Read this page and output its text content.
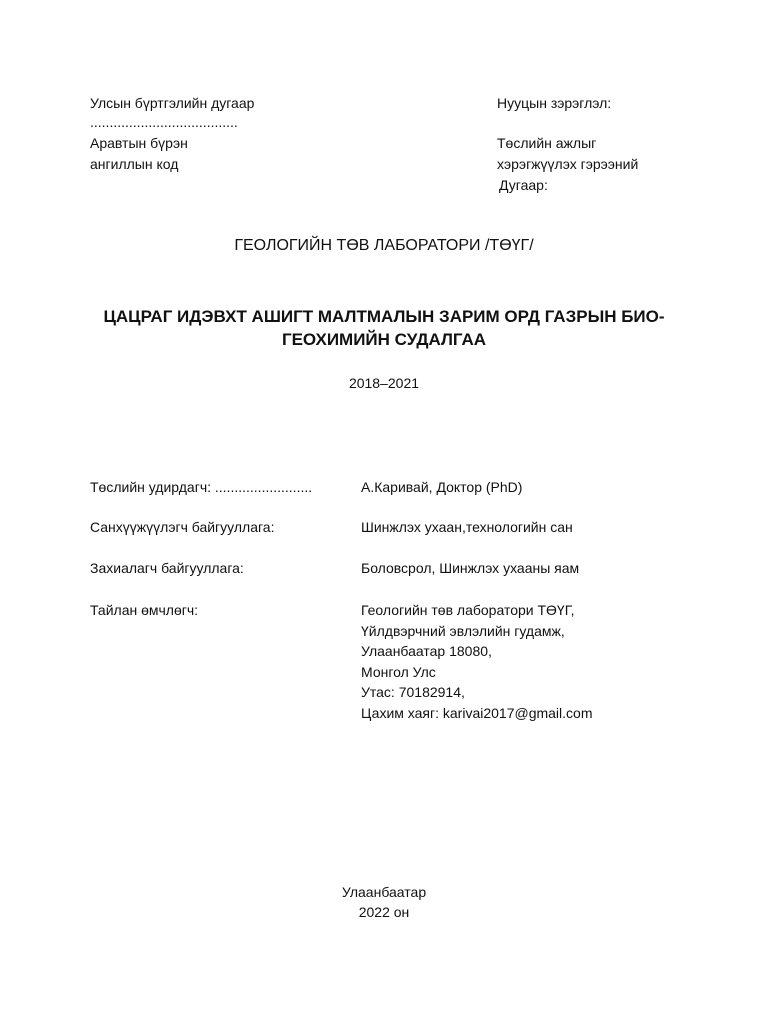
Улсын бүртгэлийн дугаар
......................................
Аравтын бүрэн
ангиллын код
Нууцын зэрэглэл:
Төслийн ажлыг
хэрэгжүүлэх гэрээний
Дугаар:
ГЕОЛОГИЙН ТӨВ ЛАБОРАТОРИ /ТӨҮГ/
ЦАЦРАГ ИДЭВХТ АШИГТ МАЛТМАЛЫН ЗАРИМ ОРД ГАЗРЫН БИО-
ГЕОХИМИЙН СУДАЛГАА
2018–2021
Төслийн удирдагч: .........................	А.Каривай, Доктор (PhD)
Санхүүжүүлэгч байгууллага:	Шинжлэх ухаан,технологийн сан
Захиалагч байгууллага:	Боловсрол, Шинжлэх ухааны яам
Тайлан өмчлөгч:	Геологийн төв лаборатори ТӨҮГ,
Үйлдвэрчний эвлэлийн гудамж,
Улаанбаатар 18080,
Монгол Улс
Утас: 70182914,
Цахим хаяг: karivai2017@gmail.com
Улаанбаатар
2022 он
